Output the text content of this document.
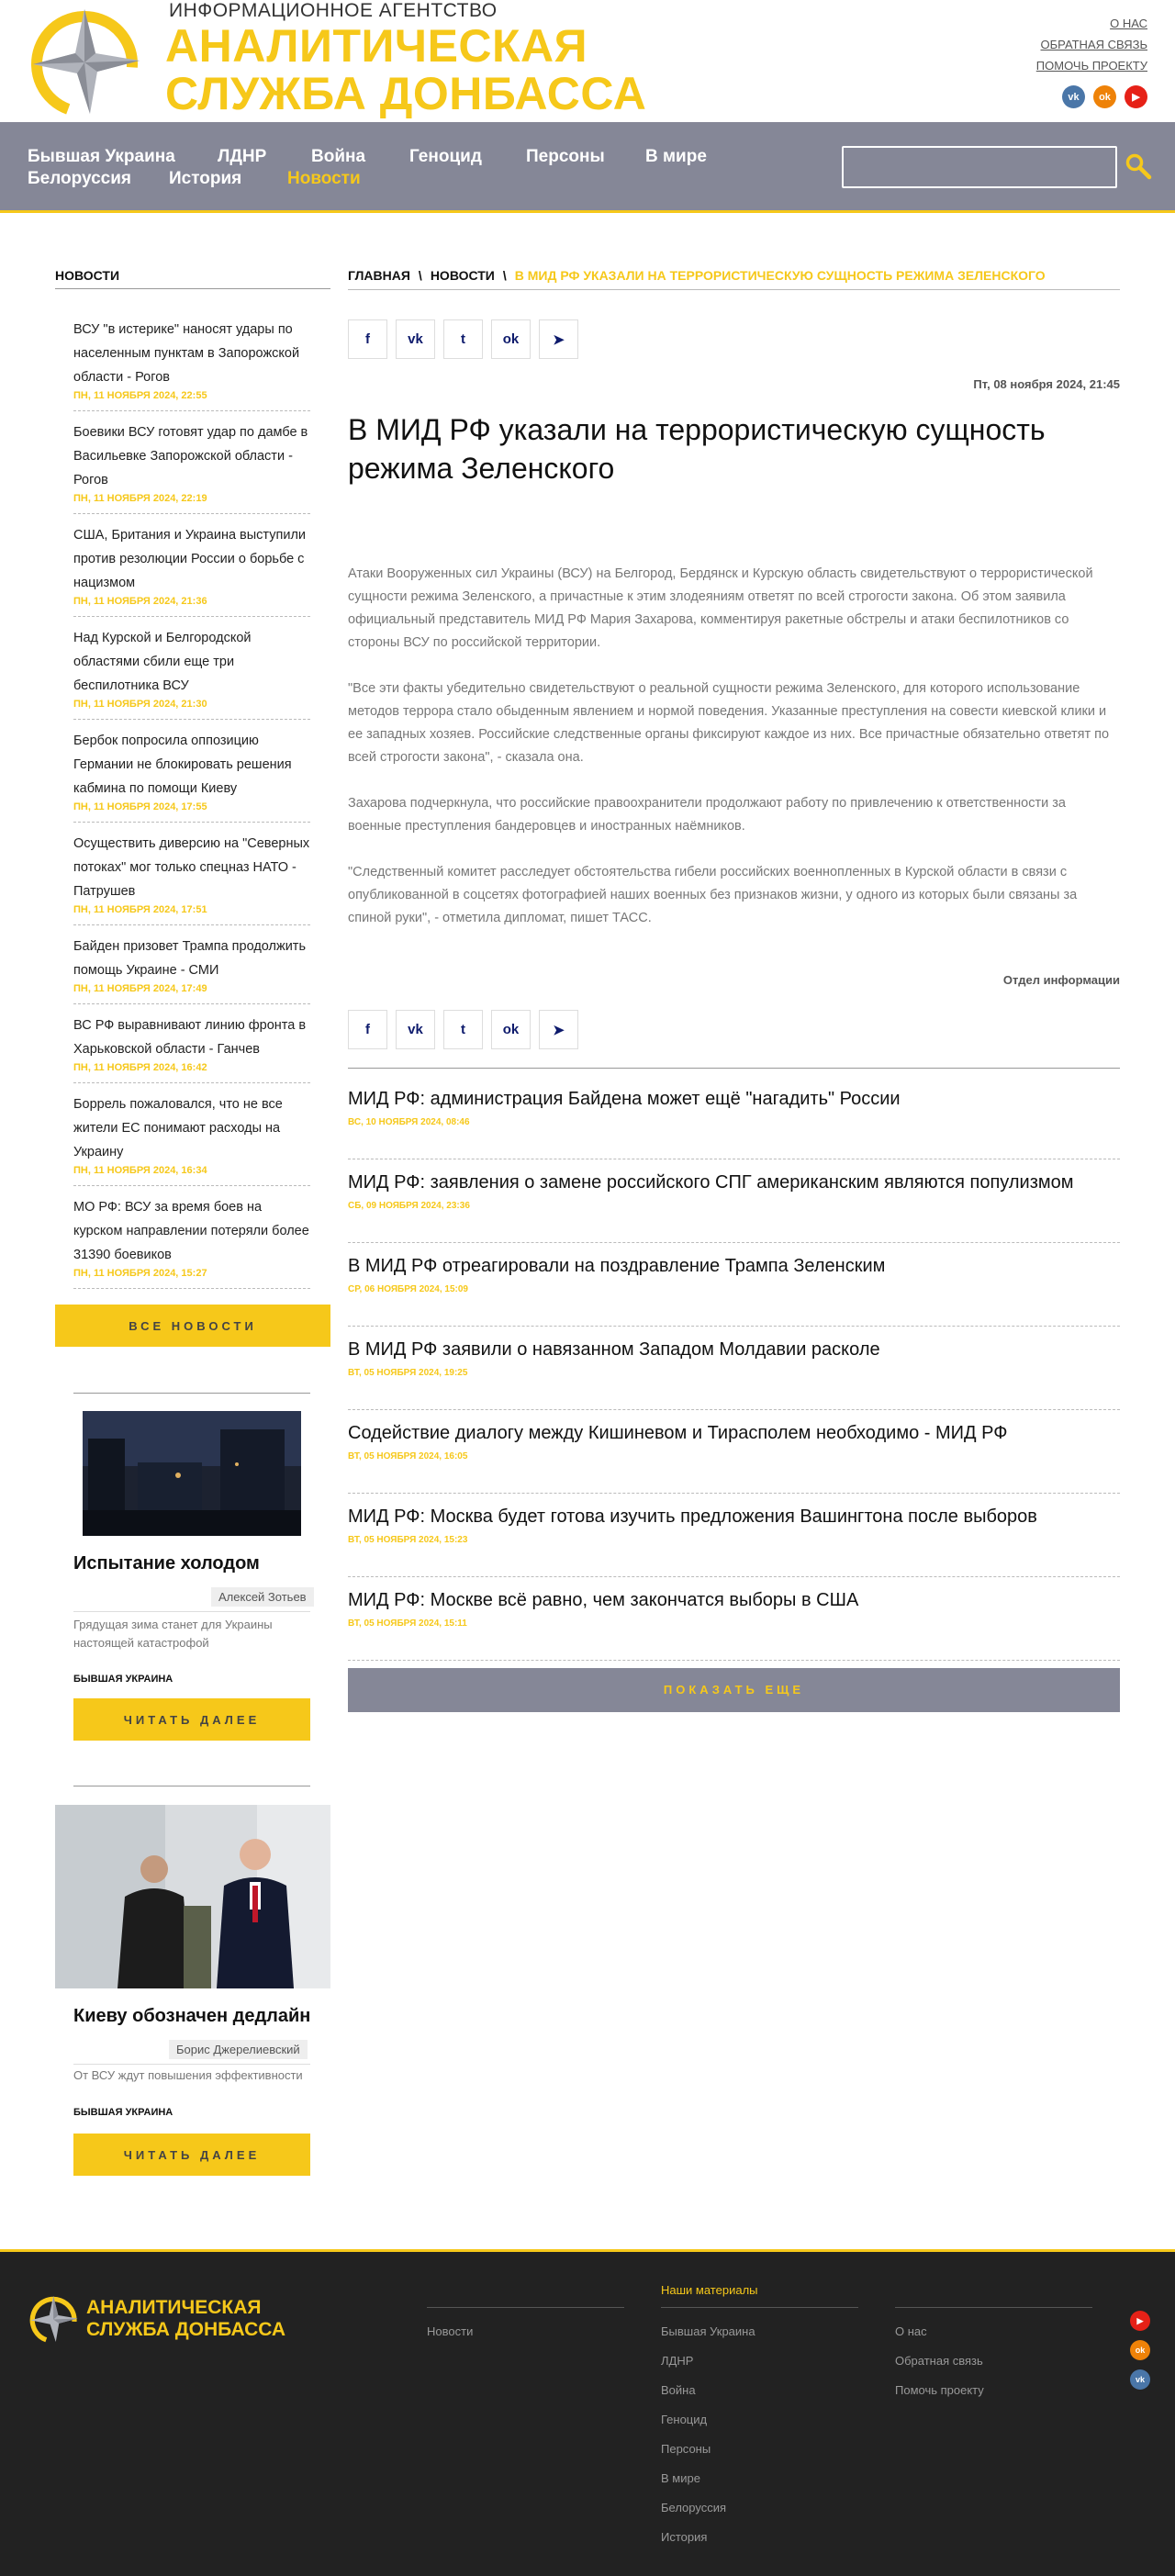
ИНФОРМАЦИОННОЕ АГЕНТСТВО
АНАЛИТИЧЕСКАЯ
СЛУЖБА ДОНБАССА
О НАС
ОБРАТНАЯ СВЯЗЬ
ПОМОЧЬ ПРОЕКТУ
vk	ok	▶
Бывшая Украина ЛДНР	Война	Геноцид	Персоны В мире
Белоруссия История	Новости
НОВОСТИ
ВСУ "в истерике" наносят удары по населенным пунктам в Запорожской области - Рогов
ПН, 11 НОЯБРЯ 2024, 22:55
Боевики ВСУ готовят удар по дамбе в Васильевке Запорожской области - Рогов
ПН, 11 НОЯБРЯ 2024, 22:19
США, Британия и Украина выступили против резолюции России о борьбе с нацизмом
ПН, 11 НОЯБРЯ 2024, 21:36
Над Курской и Белгородской областями сбили еще три беспилотника ВСУ
ПН, 11 НОЯБРЯ 2024, 21:30
Бербок попросила оппозицию Германии не блокировать решения кабмина по помощи Киеву
ПН, 11 НОЯБРЯ 2024, 17:55
Осуществить диверсию на "Северных потоках" мог только спецназ НАТО - Патрушев
ПН, 11 НОЯБРЯ 2024, 17:51
Байден призовет Трампа продолжить помощь Украине - СМИ
ПН, 11 НОЯБРЯ 2024, 17:49
ВС РФ выравнивают линию фронта в Харьковской области - Ганчев
ПН, 11 НОЯБРЯ 2024, 16:42
Боррель пожаловался, что не все жители ЕС понимают расходы на Украину
ПН, 11 НОЯБРЯ 2024, 16:34
МО РФ: ВСУ за время боев на курском направлении потеряли более 31390 боевиков
ПН, 11 НОЯБРЯ 2024, 15:27
ВСЕ НОВОСТИ
Испытание холодом
Алексей Зотьев
Грядущая зима станет для Украины настоящей катастрофой
БЫВШАЯ УКРАИНА
ЧИТАТЬ ДАЛЕЕ
Киеву обозначен дедлайн
Борис Джерелиевский
От ВСУ ждут повышения эффективности
БЫВШАЯ УКРАИНА
ЧИТАТЬ ДАЛЕЕ
ГЛАВНАЯ \ НОВОСТИ \ В МИД РФ УКАЗАЛИ НА ТЕРРОРИСТИЧЕСКУЮ СУЩНОСТЬ РЕЖИМА ЗЕЛЕНСКОГО
f	vk	t	ok	➤
Пт, 08 ноября 2024, 21:45
В МИД РФ указали на террористическую сущность режима Зеленского

Атаки Вооруженных сил Украины (ВСУ) на Белгород, Бердянск и Курскую область свидетельствуют о террористической сущности режима Зеленского, а причастные к этим злодеяниям ответят по всей строгости закона. Об этом заявила официальный представитель МИД РФ Мария Захарова, комментируя ракетные обстрелы и атаки беспилотников со стороны ВСУ по российской территории.

"Все эти факты убедительно свидетельствуют о реальной сущности режима Зеленского, для которого использование методов террора стало обыденным явлением и нормой поведения. Указанные преступления на совести киевской клики и ее западных хозяев. Российские следственные органы фиксируют каждое из них. Все причастные обязательно ответят по всей строгости закона", - сказала она.

Захарова подчеркнула, что российские правоохранители продолжают работу по привлечению к ответственности за военные преступления бандеровцев и иностранных наёмников.

"Следственный комитет расследует обстоятельства гибели российских военнопленных в Курской области в связи с опубликованной в соцсетях фотографией наших военных без признаков жизни, у одного из которых были связаны за спиной руки", - отметила дипломат, пишет ТАСС.

Отдел информации
f	vk	t	ok	➤
МИД РФ: администрация Байдена может ещё "нагадить" России
ВС, 10 НОЯБРЯ 2024, 08:46
МИД РФ: заявления о замене российского СПГ американским являются популизмом
СБ, 09 НОЯБРЯ 2024, 23:36
В МИД РФ отреагировали на поздравление Трампа Зеленским
СР, 06 НОЯБРЯ 2024, 15:09
В МИД РФ заявили о навязанном Западом Молдавии расколе
ВТ, 05 НОЯБРЯ 2024, 19:25
Содействие диалогу между Кишиневом и Тирасполем необходимо - МИД РФ
ВТ, 05 НОЯБРЯ 2024, 16:05
МИД РФ: Москва будет готова изучить предложения Вашингтона после выборов
ВТ, 05 НОЯБРЯ 2024, 15:23
МИД РФ: Москве всё равно, чем закончатся выборы в США
ВТ, 05 НОЯБРЯ 2024, 15:11
ПОКАЗАТЬ ЕЩЕ
АНАЛИТИЧЕСКАЯ
СЛУЖБА ДОНБАССА	Новости
Наши материалы
Бывшая Украина
ЛДНР
Война
Геноцид
Персоны
В мире
Белоруссия
История
О нас
Обратная связь
Помочь проекту
▶
ok
vk
